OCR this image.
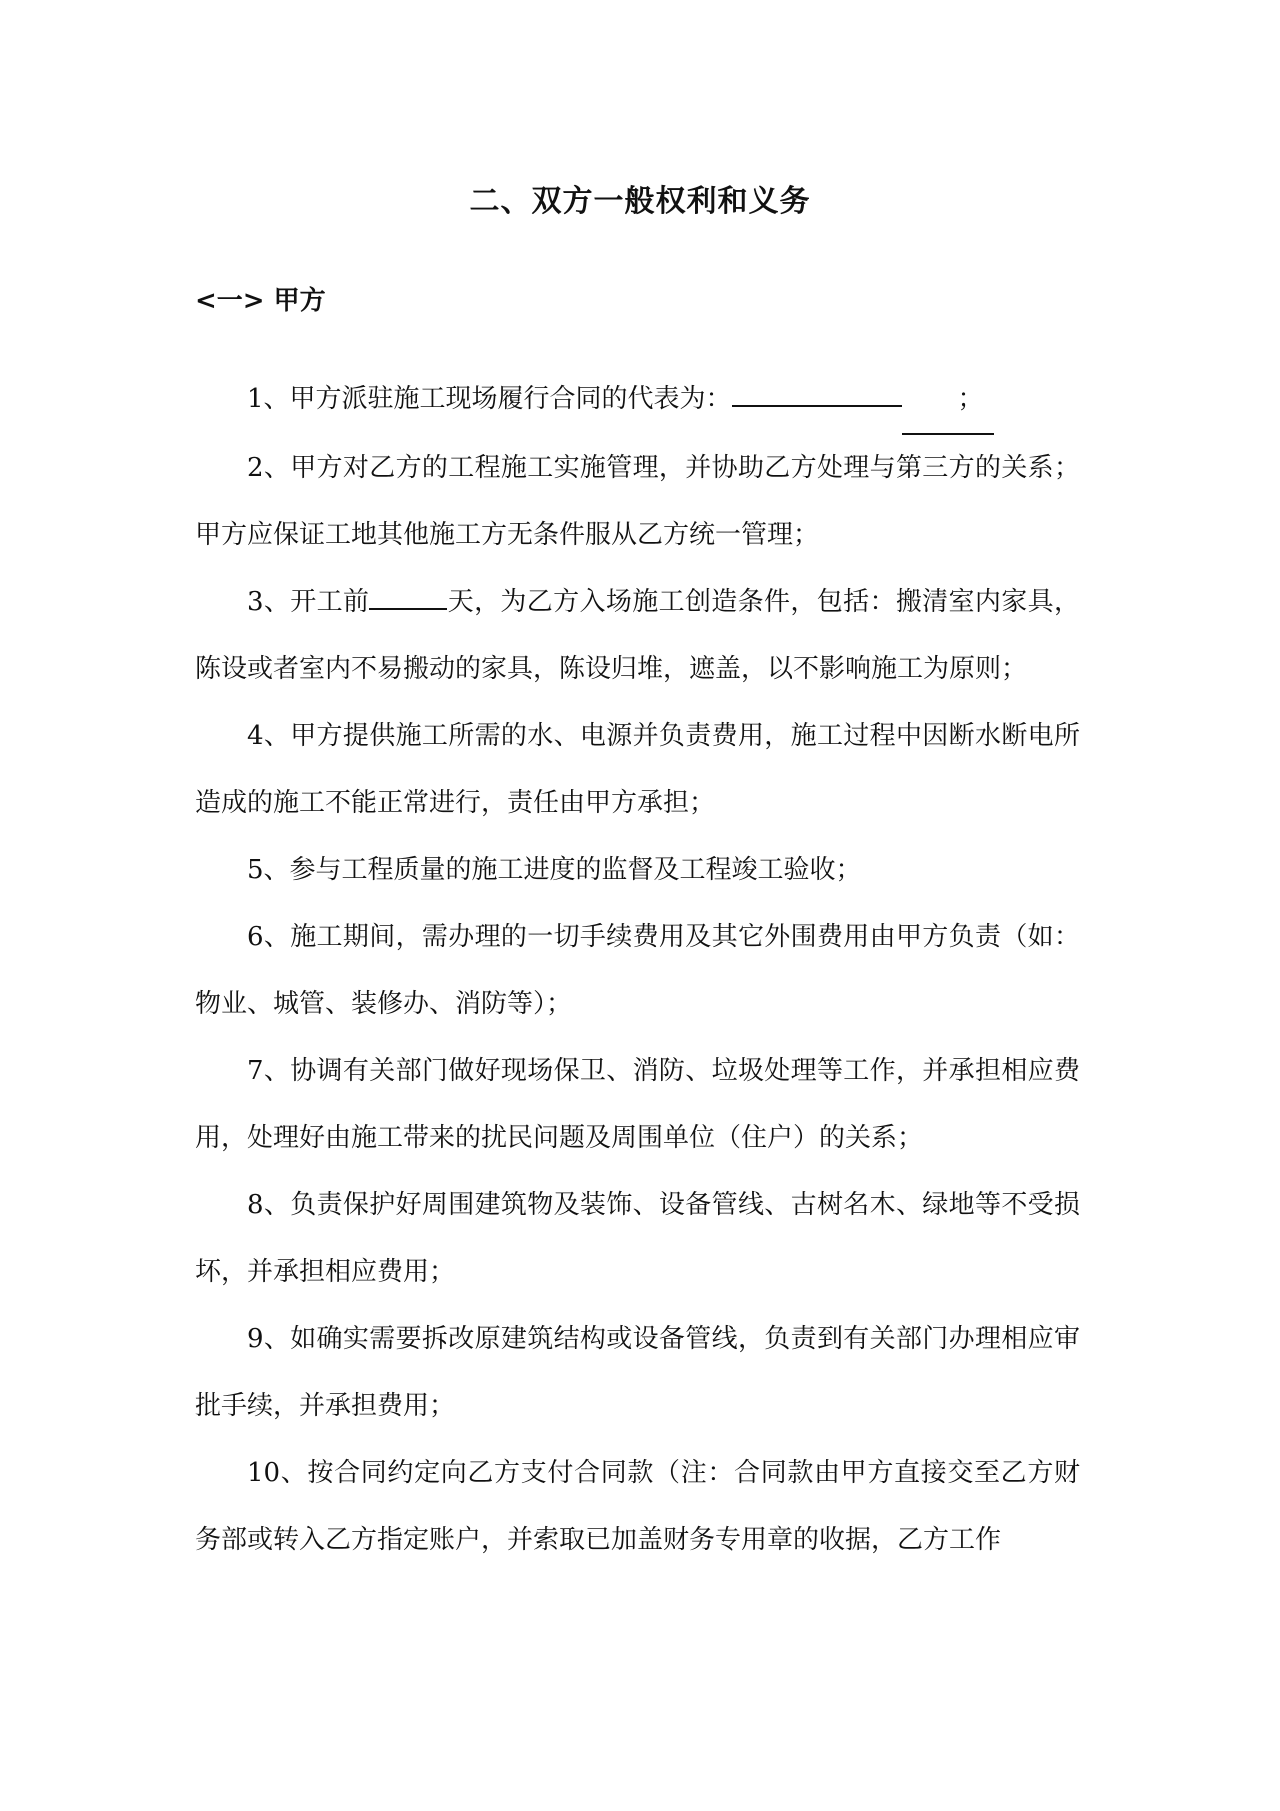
二、双方一般权利和义务
<一> 甲方

1、甲方派驻施工现场履行合同的代表为：	；

2、甲方对乙方的工程施工实施管理，并协助乙方处理与第三方的关系；甲方应保证工地其他施工方无条件服从乙方统一管理；

3、开工前	天，为乙方入场施工创造条件，包括：搬清室内家具，陈设或者室内不易搬动的家具，陈设归堆，遮盖，以不影响施工为原则；

4、甲方提供施工所需的水、电源并负责费用，施工过程中因断水断电所造成的施工不能正常进行，责任由甲方承担；

5、参与工程质量的施工进度的监督及工程竣工验收；

6、施工期间，需办理的一切手续费用及其它外围费用由甲方负责（如：物业、城管、装修办、消防等）；

7、协调有关部门做好现场保卫、消防、垃圾处理等工作，并承担相应费用，处理好由施工带来的扰民问题及周围单位（住户）的关系；

8、负责保护好周围建筑物及装饰、设备管线、古树名木、绿地等不受损坏，并承担相应费用；

9、如确实需要拆改原建筑结构或设备管线，负责到有关部门办理相应审批手续，并承担费用；

10、按合同约定向乙方支付合同款（注：合同款由甲方直接交至乙方财务部或转入乙方指定账户，并索取已加盖财务专用章的收据，乙方工作
